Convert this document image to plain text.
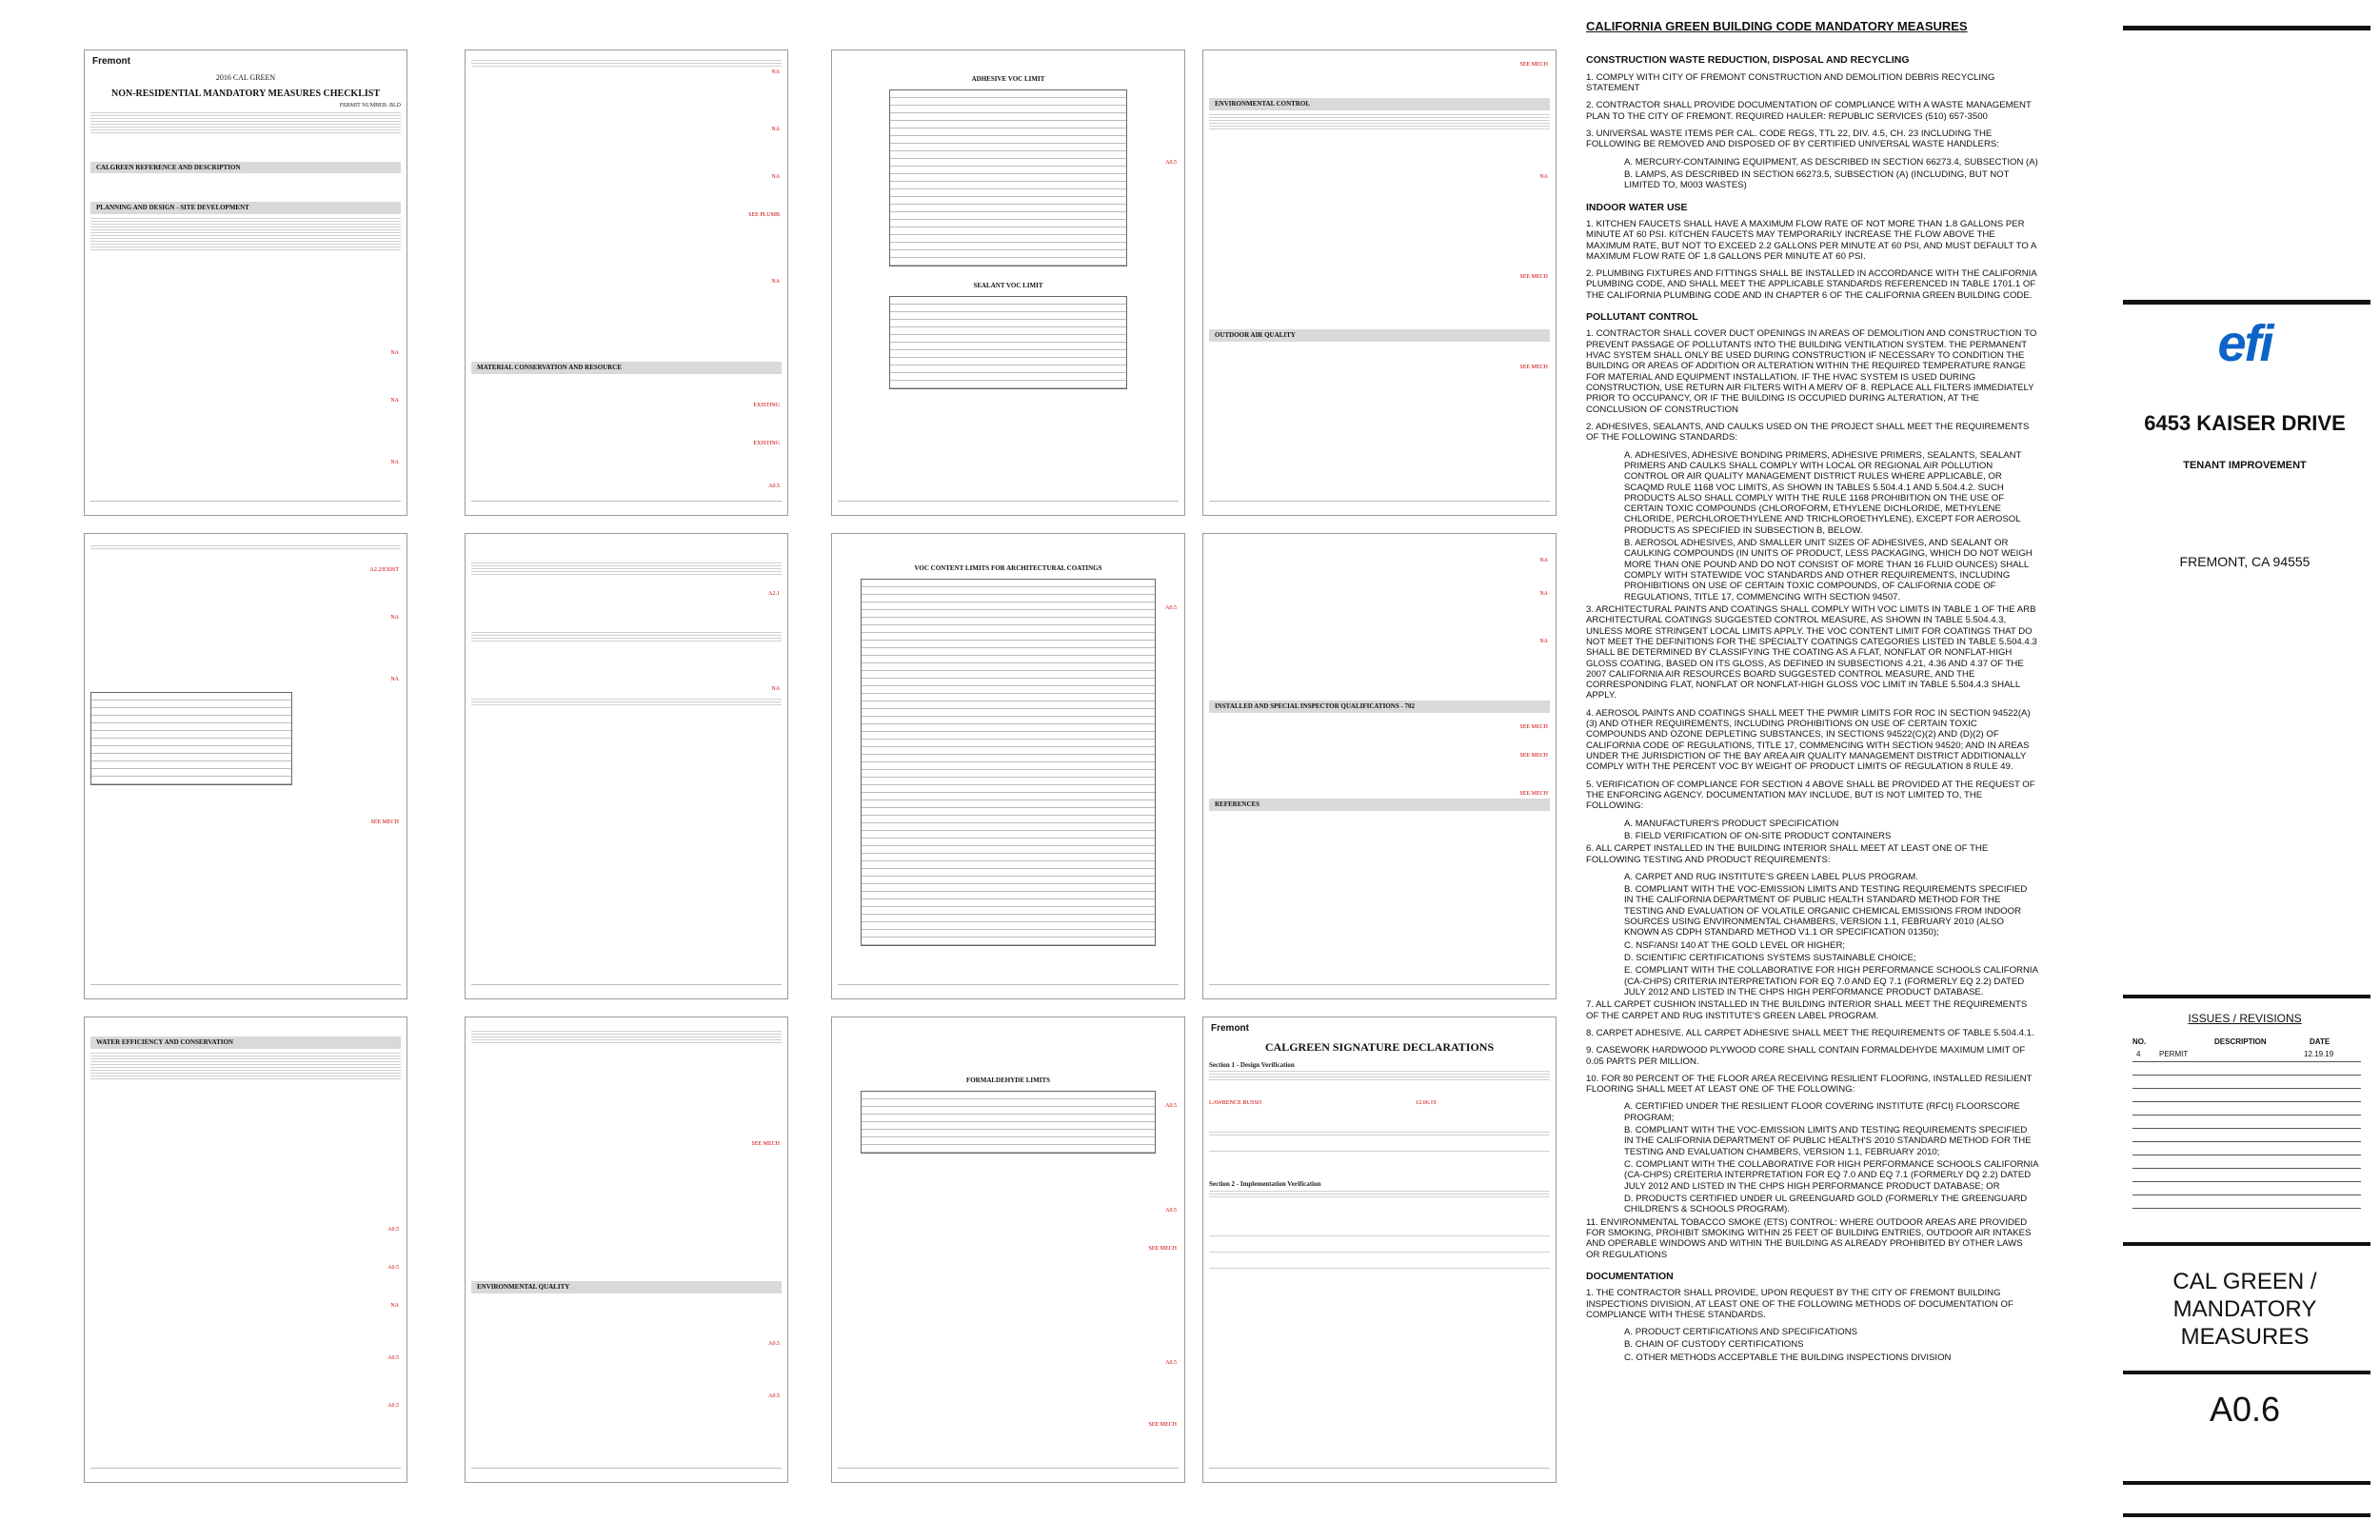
Fremont
2016 CAL GREEN
NON-RESIDENTIAL MANDATORY MEASURES CHECKLIST
PERMIT NUMBER: BLD
CALGREEN REFERENCE AND DESCRIPTION
PLANNING AND DESIGN - SITE DEVELOPMENT
NA
NA
NA
NA
NA
NA
SEE PLUMB
NA
MATERIAL CONSERVATION AND RESOURCE
EXISTING
EXISTING
A0.5
ADHESIVE VOC LIMIT
SEALANT VOC LIMIT
A0.5
SEE MECH
ENVIRONMENTAL CONTROL
NA
SEE MECH
OUTDOOR AIR QUALITY
SEE MECH
A2.2/EXIST
NA
NA
SEE MECH
A2.1
NA
VOC CONTENT LIMITS FOR ARCHITECTURAL COATINGS
A0.5
NA
NA
NA
INSTALLED AND SPECIAL INSPECTOR QUALIFICATIONS - 702
SEE MECH
SEE MECH
SEE MECH
REFERENCES
WATER EFFICIENCY AND CONSERVATION
A0.5
A0.5
NA
A0.5
A0.5
SEE MECH
ENVIRONMENTAL QUALITY
A0.5
A0.5
FORMALDEHYDE LIMITS
A0.5
A0.5
SEE MECH
A0.5
SEE MECH
Fremont
CALGREEN SIGNATURE DECLARATIONS
Section 1 - Design Verification
LAWRENCE RUSSO	12.06.19
Section 2 - Implementation Verification
CALIFORNIA GREEN BUILDING CODE MANDATORY MEASURES
CONSTRUCTION WASTE REDUCTION, DISPOSAL AND RECYCLING

1. COMPLY WITH CITY OF FREMONT CONSTRUCTION AND DEMOLITION DEBRIS RECYCLING STATEMENT

2. CONTRACTOR SHALL PROVIDE DOCUMENTATION OF COMPLIANCE WITH A WASTE MANAGEMENT PLAN TO THE CITY OF FREMONT. REQUIRED HAULER: REPUBLIC SERVICES (510) 657-3500

3. UNIVERSAL WASTE ITEMS PER CAL. CODE REGS, TTL 22, DIV. 4.5, CH. 23 INCLUDING THE FOLLOWING BE REMOVED AND DISPOSED OF BY CERTIFIED UNIVERSAL WASTE HANDLERS:

A. MERCURY-CONTAINING EQUIPMENT, AS DESCRIBED IN SECTION 66273.4, SUBSECTION (A)

B. LAMPS, AS DESCRIBED IN SECTION 66273.5, SUBSECTION (A) (INCLUDING, BUT NOT LIMITED TO, M003 WASTES)

INDOOR WATER USE

1. KITCHEN FAUCETS SHALL HAVE A MAXIMUM FLOW RATE OF NOT MORE THAN 1.8 GALLONS PER MINUTE AT 60 PSI. KITCHEN FAUCETS MAY TEMPORARILY INCREASE THE FLOW ABOVE THE MAXIMUM RATE, BUT NOT TO EXCEED 2.2 GALLONS PER MINUTE AT 60 PSI, AND MUST DEFAULT TO A MAXIMUM FLOW RATE OF 1.8 GALLONS PER MINUTE AT 60 PSI.

2. PLUMBING FIXTURES AND FITTINGS SHALL BE INSTALLED IN ACCORDANCE WITH THE CALIFORNIA PLUMBING CODE, AND SHALL MEET THE APPLICABLE STANDARDS REFERENCED IN TABLE 1701.1 OF THE CALIFORNIA PLUMBING CODE AND IN CHAPTER 6 OF THE CALIFORNIA GREEN BUILDING CODE.

POLLUTANT CONTROL

1. CONTRACTOR SHALL COVER DUCT OPENINGS IN AREAS OF DEMOLITION AND CONSTRUCTION TO PREVENT PASSAGE OF POLLUTANTS INTO THE BUILDING VENTILATION SYSTEM. THE PERMANENT HVAC SYSTEM SHALL ONLY BE USED DURING CONSTRUCTION IF NECESSARY TO CONDITION THE BUILDING OR AREAS OF ADDITION OR ALTERATION WITHIN THE REQUIRED TEMPERATURE RANGE FOR MATERIAL AND EQUIPMENT INSTALLATION. IF THE HVAC SYSTEM IS USED DURING CONSTRUCTION, USE RETURN AIR FILTERS WITH A MERV OF 8. REPLACE ALL FILTERS IMMEDIATELY PRIOR TO OCCUPANCY, OR IF THE BUILDING IS OCCUPIED DURING ALTERATION, AT THE CONCLUSION OF CONSTRUCTION

2. ADHESIVES, SEALANTS, AND CAULKS USED ON THE PROJECT SHALL MEET THE REQUIREMENTS OF THE FOLLOWING STANDARDS:

A. ADHESIVES, ADHESIVE BONDING PRIMERS, ADHESIVE PRIMERS, SEALANTS, SEALANT PRIMERS AND CAULKS SHALL COMPLY WITH LOCAL OR REGIONAL AIR POLLUTION CONTROL OR AIR QUALITY MANAGEMENT DISTRICT RULES WHERE APPLICABLE, OR SCAQMD RULE 1168 VOC LIMITS, AS SHOWN IN TABLES 5.504.4.1 AND 5.504.4.2. SUCH PRODUCTS ALSO SHALL COMPLY WITH THE RULE 1168 PROHIBITION ON THE USE OF CERTAIN TOXIC COMPOUNDS (CHLOROFORM, ETHYLENE DICHLORIDE, METHYLENE CHLORIDE, PERCHLOROETHYLENE AND TRICHLOROETHYLENE), EXCEPT FOR AEROSOL PRODUCTS AS SPECIFIED IN SUBSECTION B, BELOW.

B. AEROSOL ADHESIVES, AND SMALLER UNIT SIZES OF ADHESIVES, AND SEALANT OR CAULKING COMPOUNDS (IN UNITS OF PRODUCT, LESS PACKAGING, WHICH DO NOT WEIGH MORE THAN ONE POUND AND DO NOT CONSIST OF MORE THAN 16 FLUID OUNCES) SHALL COMPLY WITH STATEWIDE VOC STANDARDS AND OTHER REQUIREMENTS, INCLUDING PROHIBITIONS ON USE OF CERTAIN TOXIC COMPOUNDS, OF CALIFORNIA CODE OF REGULATIONS, TITLE 17, COMMENCING WITH SECTION 94507.

3. ARCHITECTURAL PAINTS AND COATINGS SHALL COMPLY WITH VOC LIMITS IN TABLE 1 OF THE ARB ARCHITECTURAL COATINGS SUGGESTED CONTROL MEASURE, AS SHOWN IN TABLE 5.504.4.3, UNLESS MORE STRINGENT LOCAL LIMITS APPLY. THE VOC CONTENT LIMIT FOR COATINGS THAT DO NOT MEET THE DEFINITIONS FOR THE SPECIALTY COATINGS CATEGORIES LISTED IN TABLE 5.504.4.3 SHALL BE DETERMINED BY CLASSIFYING THE COATING AS A FLAT, NONFLAT OR NONFLAT-HIGH GLOSS COATING, BASED ON ITS GLOSS, AS DEFINED IN SUBSECTIONS 4.21, 4.36 AND 4.37 OF THE 2007 CALIFORNIA AIR RESOURCES BOARD SUGGESTED CONTROL MEASURE, AND THE CORRESPONDING FLAT, NONFLAT OR NONFLAT-HIGH GLOSS VOC LIMIT IN TABLE 5.504.4.3 SHALL APPLY.

4. AEROSOL PAINTS AND COATINGS SHALL MEET THE PWMIR LIMITS FOR ROC IN SECTION 94522(A)(3) AND OTHER REQUIREMENTS, INCLUDING PROHIBITIONS ON USE OF CERTAIN TOXIC COMPOUNDS AND OZONE DEPLETING SUBSTANCES, IN SECTIONS 94522(C)(2) AND (D)(2) OF CALIFORNIA CODE OF REGULATIONS, TITLE 17, COMMENCING WITH SECTION 94520; AND IN AREAS UNDER THE JURISDICTION OF THE BAY AREA AIR QUALITY MANAGEMENT DISTRICT ADDITIONALLY COMPLY WITH THE PERCENT VOC BY WEIGHT OF PRODUCT LIMITS OF REGULATION 8 RULE 49.

5. VERIFICATION OF COMPLIANCE FOR SECTION 4 ABOVE SHALL BE PROVIDED AT THE REQUEST OF THE ENFORCING AGENCY. DOCUMENTATION MAY INCLUDE, BUT IS NOT LIMITED TO, THE FOLLOWING:

A. MANUFACTURER'S PRODUCT SPECIFICATION

B. FIELD VERIFICATION OF ON-SITE PRODUCT CONTAINERS

6. ALL CARPET INSTALLED IN THE BUILDING INTERIOR SHALL MEET AT LEAST ONE OF THE FOLLOWING TESTING AND PRODUCT REQUIREMENTS:

A. CARPET AND RUG INSTITUTE'S GREEN LABEL PLUS PROGRAM.

B. COMPLIANT WITH THE VOC-EMISSION LIMITS AND TESTING REQUIREMENTS SPECIFIED IN THE CALIFORNIA DEPARTMENT OF PUBLIC HEALTH STANDARD METHOD FOR THE TESTING AND EVALUATION OF VOLATILE ORGANIC CHEMICAL EMISSIONS FROM INDOOR SOURCES USING ENVIRONMENTAL CHAMBERS, VERSION 1.1, FEBRUARY 2010 (ALSO KNOWN AS CDPH STANDARD METHOD V1.1 OR SPECIFICATION 01350);

C. NSF/ANSI 140 AT THE GOLD LEVEL OR HIGHER;

D. SCIENTIFIC CERTIFICATIONS SYSTEMS SUSTAINABLE CHOICE;

E. COMPLIANT WITH THE COLLABORATIVE FOR HIGH PERFORMANCE SCHOOLS CALIFORNIA (CA-CHPS) CRITERIA INTERPRETATION FOR EQ 7.0 AND EQ 7.1 (FORMERLY EQ 2.2) DATED JULY 2012 AND LISTED IN THE CHPS HIGH PERFORMANCE PRODUCT DATABASE.

7. ALL CARPET CUSHION INSTALLED IN THE BUILDING INTERIOR SHALL MEET THE REQUIREMENTS OF THE CARPET AND RUG INSTITUTE'S GREEN LABEL PROGRAM.

8. CARPET ADHESIVE. ALL CARPET ADHESIVE SHALL MEET THE REQUIREMENTS OF TABLE 5.504.4.1.

9. CASEWORK HARDWOOD PLYWOOD CORE SHALL CONTAIN FORMALDEHYDE MAXIMUM LIMIT OF 0.05 PARTS PER MILLION.

10. FOR 80 PERCENT OF THE FLOOR AREA RECEIVING RESILIENT FLOORING, INSTALLED RESILIENT FLOORING SHALL MEET AT LEAST ONE OF THE FOLLOWING:

A. CERTIFIED UNDER THE RESILIENT FLOOR COVERING INSTITUTE (RFCI) FLOORSCORE PROGRAM;

B. COMPLIANT WITH THE VOC-EMISSION LIMITS AND TESTING REQUIREMENTS SPECIFIED IN THE CALIFORNIA DEPARTMENT OF PUBLIC HEALTH'S 2010 STANDARD METHOD FOR THE TESTING AND EVALUATION CHAMBERS, VERSION 1.1, FEBRUARY 2010;

C. COMPLIANT WITH THE COLLABORATIVE FOR HIGH PERFORMANCE SCHOOLS CALIFORNIA (CA-CHPS) CREITERIA INTERPRETATION FOR EQ 7.0 AND EQ 7.1 (FORMERLY DQ 2.2) DATED JULY 2012 AND LISTED IN THE CHPS HIGH PERFORMANCE PRODUCT DATABASE; OR

D. PRODUCTS CERTIFIED UNDER UL GREENGUARD GOLD (FORMERLY THE GREENGUARD CHILDREN'S & SCHOOLS PROGRAM).

11. ENVIRONMENTAL TOBACCO SMOKE (ETS) CONTROL: WHERE OUTDOOR AREAS ARE PROVIDED FOR SMOKING, PROHIBIT SMOKING WITHIN 25 FEET OF BUILDING ENTRIES, OUTDOOR AIR INTAKES AND OPERABLE WINDOWS AND WITHIN THE BUILDING AS ALREADY PROHIBITED BY OTHER LAWS OR REGULATIONS

DOCUMENTATION

1. THE CONTRACTOR SHALL PROVIDE, UPON REQUEST BY THE CITY OF FREMONT BUILDING INSPECTIONS DIVISION, AT LEAST ONE OF THE FOLLOWING METHODS OF DOCUMENTATION OF COMPLIANCE WITH THESE STANDARDS.

A. PRODUCT CERTIFICATIONS AND SPECIFICATIONS

B. CHAIN OF CUSTODY CERTIFICATIONS

C. OTHER METHODS ACCEPTABLE THE BUILDING INSPECTIONS DIVISION

efi
6453 KAISER DRIVE
TENANT IMPROVEMENT
FREMONT, CA 94555
ISSUES / REVISIONS
NO.	DESCRIPTION	DATE
4 PERMIT	12.19.19
CAL GREEN /
MANDATORY
MEASURES
A0.6
